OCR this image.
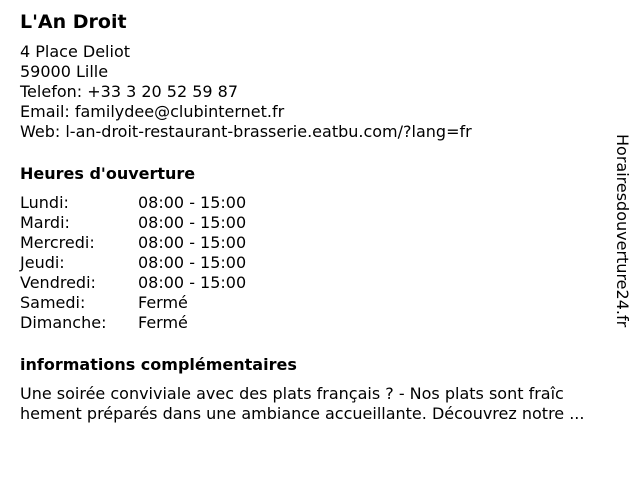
L'An Droit
4 Place Deliot
59000 Lille
Telefon: +33 3 20 52 59 87
Email: familydee@clubinternet.fr
Web: l-an-droit-restaurant-brasserie.eatbu.com/?lang=fr
Heures d'ouverture
Lundi:	08:00 - 15:00
Mardi:	08:00 - 15:00
Mercredi:	08:00 - 15:00
Jeudi:	08:00 - 15:00
Vendredi:	08:00 - 15:00
Samedi:	Fermé
Dimanche:	Fermé
informations complémentaires
Une soirée conviviale avec des plats français ? - Nos plats sont fraîc
hement préparés dans une ambiance accueillante. Découvrez notre ...
Horairesdouverture24.fr
